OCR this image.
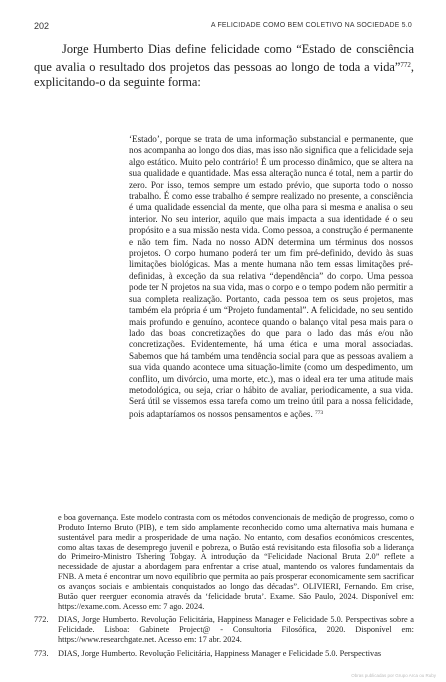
202	A FELICIDADE COMO BEM COLETIVO NA SOCIEDADE 5.0

Jorge Humberto Dias define felicidade como “Estado de consciência que avalia o resultado dos projetos das pessoas ao longo de toda a vida”$^{772}$, explicitando-o da seguinte forma:

‘Estado’, porque se trata de uma informação substancial e permanente, que nos acompanha ao longo dos dias, mas isso não significa que a felicidade seja algo estático. Muito pelo contrário! É um processo dinâmico, que se altera na sua qualidade e quantidade. Mas essa alteração nunca é total, nem a partir do zero. Por isso, temos sempre um estado prévio, que suporta todo o nosso trabalho. É como esse trabalho é sempre realizado no presente, a consciência é uma qualidade essencial da mente, que olha para si mesma e analisa o seu interior. No seu interior, aquilo que mais impacta a sua identidade é o seu propósito e a sua missão nesta vida. Como pessoa, a construção é permanente e não tem fim. Nada no nosso ADN determina um términus dos nossos projetos. O corpo humano poderá ter um fim pré-definido, devido às suas limitações biológicas. Mas a mente humana não tem essas limitações pré-definidas, à exceção da sua relativa “dependência” do corpo. Uma pessoa pode ter N projetos na sua vida, mas o corpo e o tempo podem não permitir a sua completa realização. Portanto, cada pessoa tem os seus projetos, mas também ela própria é um “Projeto fundamental”. A felicidade, no seu sentido mais profundo e genuíno, acontece quando o balanço vital pesa mais para o lado das boas concretizações do que para o lado das más e/ou não concretizações. Evidentemente, há uma ética e uma moral associadas. Sabemos que há também uma tendência social para que as pessoas avaliem a sua vida quando acontece uma situação-limite (como um despedimento, um conflito, um divórcio, uma morte, etc.), mas o ideal era ter uma atitude mais metodológica, ou seja, criar o hábito de avaliar, periodicamente, a sua vida. Será útil se vissemos essa tarefa como um treino útil para a nossa felicidade, pois adaptaríamos os nossos pensamentos e ações. $^{773}$

e boa governança. Este modelo contrasta com os métodos convencionais de medição de progresso, como o Produto Interno Bruto (PIB), e tem sido amplamente reconhecido como uma alternativa mais humana e sustentável para medir a prosperidade de uma nação. No entanto, com desafios económicos crescentes, como altas taxas de desemprego juvenil e pobreza, o Butão está revisitando esta filosofia sob a liderança do Primeiro-Ministro Tshering Tobgay. A introdução da “Felicidade Nacional Bruta 2.0” reflete a necessidade de ajustar a abordagem para enfrentar a crise atual, mantendo os valores fundamentais da FNB. A meta é encontrar um novo equilíbrio que permita ao país prosperar economicamente sem sacrificar os avanços sociais e ambientais conquistados ao longo das décadas”. OLIVIERI, Fernando. Em crise, Butão quer reerguer economia através da ‘felicidade bruta’. Exame. São Paulo, 2024. Disponível em: https://exame.com. Acesso em: 7 ago. 2024.

772. DIAS, Jorge Humberto. Revolução Felicitária, Happiness Manager e Felicidade 5.0. Perspectivas sobre a Felicidade. Lisboa: Gabinete Project@ - Consultoria Filosófica, 2020. Disponível em: https://www.researchgate.net. Acesso em: 17 abr. 2024.

773. DIAS, Jorge Humberto. Revolução Felicitária, Happiness Manager e Felicidade 5.0. Perspectivas

Obras publicadas por Grupo Arca ou Ruby
